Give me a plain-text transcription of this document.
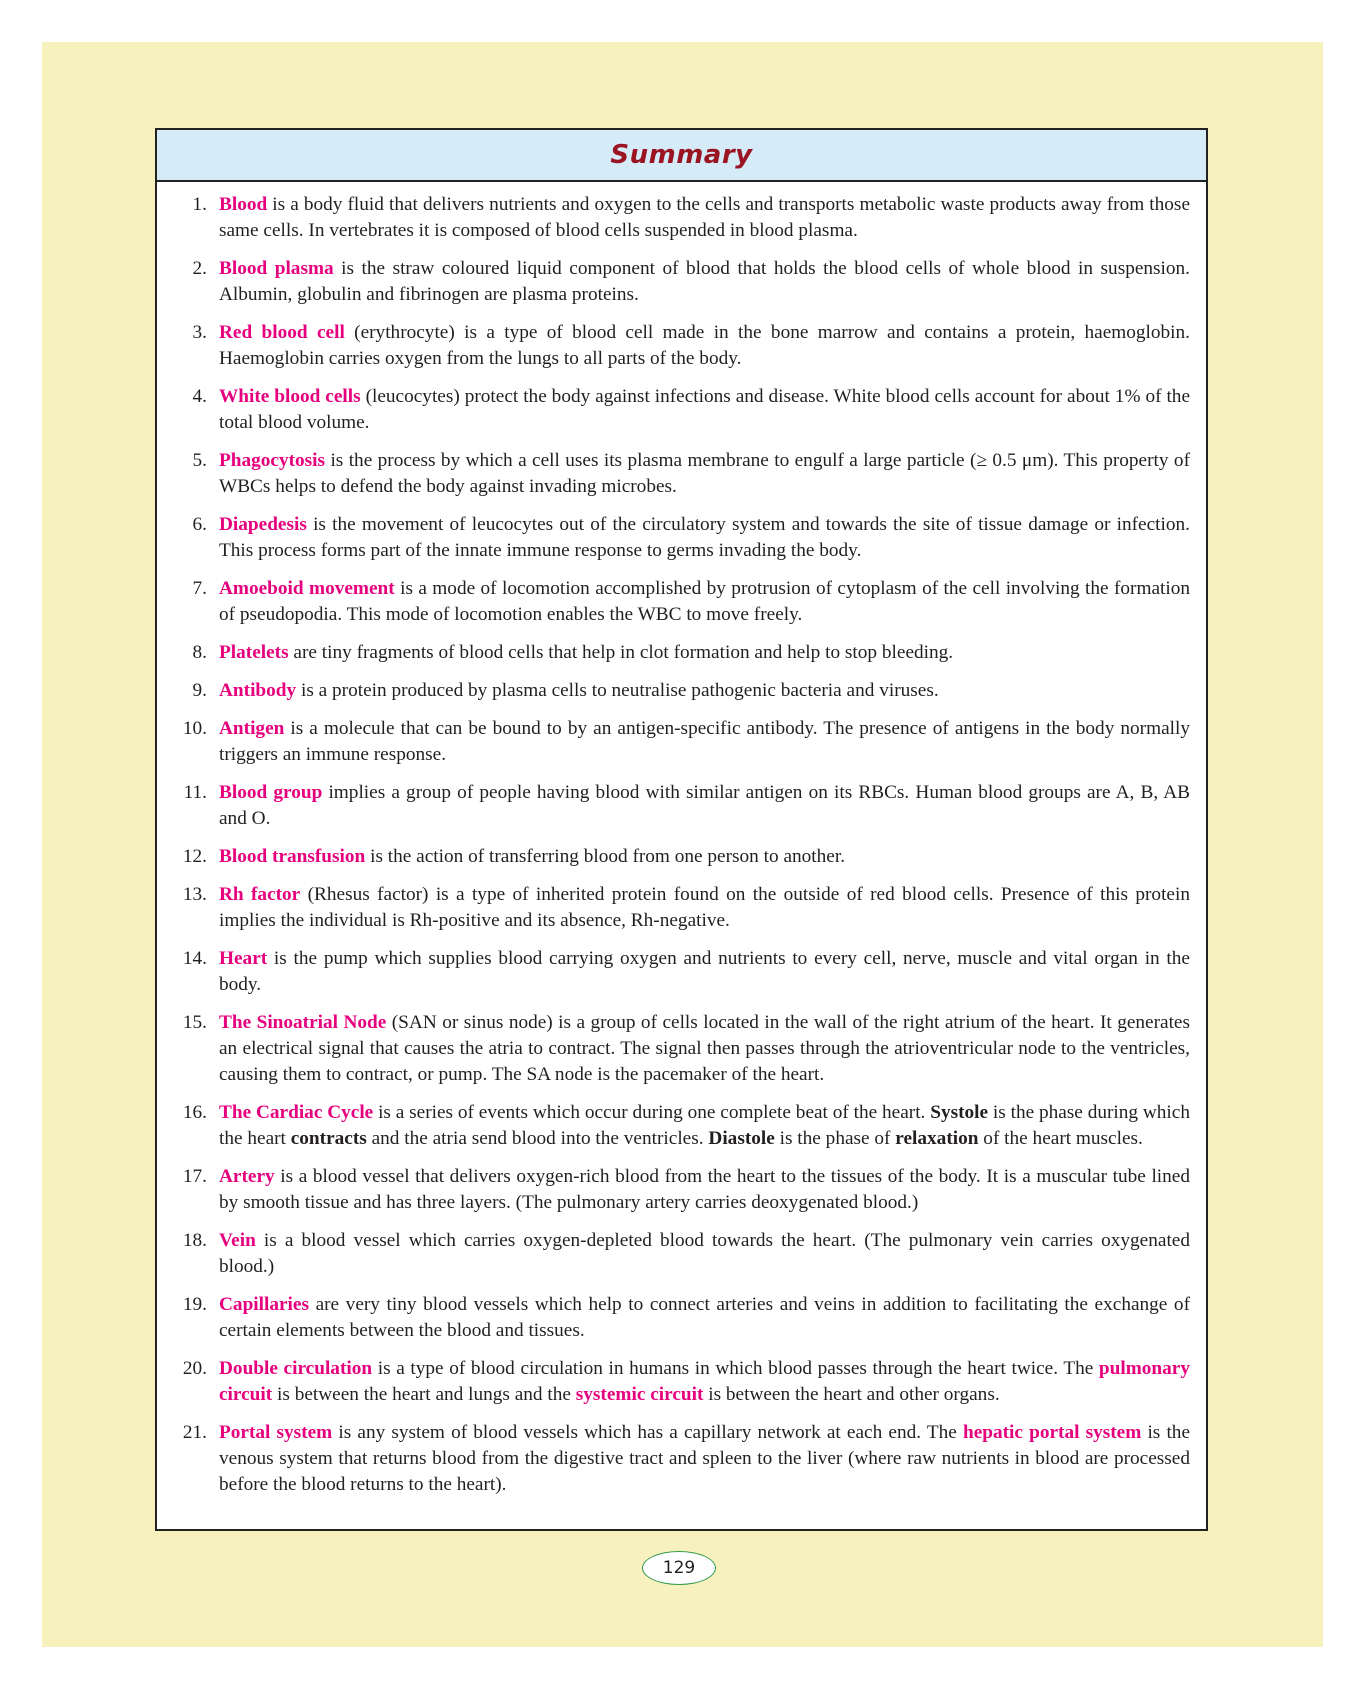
Summary
1. Blood is a body fluid that delivers nutrients and oxygen to the cells and transports metabolic waste products away from those same cells. In vertebrates it is composed of blood cells suspended in blood plasma.
2. Blood plasma is the straw coloured liquid component of blood that holds the blood cells of whole blood in suspension. Albumin, globulin and fibrinogen are plasma proteins.
3. Red blood cell (erythrocyte) is a type of blood cell made in the bone marrow and contains a protein, haemoglobin. Haemoglobin carries oxygen from the lungs to all parts of the body.
4. White blood cells (leucocytes) protect the body against infections and disease. White blood cells account for about 1% of the total blood volume.
5. Phagocytosis is the process by which a cell uses its plasma membrane to engulf a large particle (≥ 0.5 μm). This property of WBCs helps to defend the body against invading microbes.
6. Diapedesis is the movement of leucocytes out of the circulatory system and towards the site of tissue damage or infection. This process forms part of the innate immune response to germs invading the body.
7. Amoeboid movement is a mode of locomotion accomplished by protrusion of cytoplasm of the cell involving the formation of pseudopodia. This mode of locomotion enables the WBC to move freely.
8. Platelets are tiny fragments of blood cells that help in clot formation and help to stop bleeding.
9. Antibody is a protein produced by plasma cells to neutralise pathogenic bacteria and viruses.
10. Antigen is a molecule that can be bound to by an antigen-specific antibody. The presence of antigens in the body normally triggers an immune response.
11. Blood group implies a group of people having blood with similar antigen on its RBCs. Human blood groups are A, B, AB and O.
12. Blood transfusion is the action of transferring blood from one person to another.
13. Rh factor (Rhesus factor) is a type of inherited protein found on the outside of red blood cells. Presence of this protein implies the individual is Rh-positive and its absence, Rh-negative.
14. Heart is the pump which supplies blood carrying oxygen and nutrients to every cell, nerve, muscle and vital organ in the body.
15. The Sinoatrial Node (SAN or sinus node) is a group of cells located in the wall of the right atrium of the heart. It generates an electrical signal that causes the atria to contract. The signal then passes through the atrioventricular node to the ventricles, causing them to contract, or pump. The SA node is the pacemaker of the heart.
16. The Cardiac Cycle is a series of events which occur during one complete beat of the heart. Systole is the phase during which the heart contracts and the atria send blood into the ventricles. Diastole is the phase of relaxation of the heart muscles.
17. Artery is a blood vessel that delivers oxygen-rich blood from the heart to the tissues of the body. It is a muscular tube lined by smooth tissue and has three layers. (The pulmonary artery carries deoxygenated blood.)
18. Vein is a blood vessel which carries oxygen-depleted blood towards the heart. (The pulmonary vein carries oxygenated blood.)
19. Capillaries are very tiny blood vessels which help to connect arteries and veins in addition to facilitating the exchange of certain elements between the blood and tissues.
20. Double circulation is a type of blood circulation in humans in which blood passes through the heart twice. The pulmonary circuit is between the heart and lungs and the systemic circuit is between the heart and other organs.
21. Portal system is any system of blood vessels which has a capillary network at each end. The hepatic portal system is the venous system that returns blood from the digestive tract and spleen to the liver (where raw nutrients in blood are processed before the blood returns to the heart).
129
